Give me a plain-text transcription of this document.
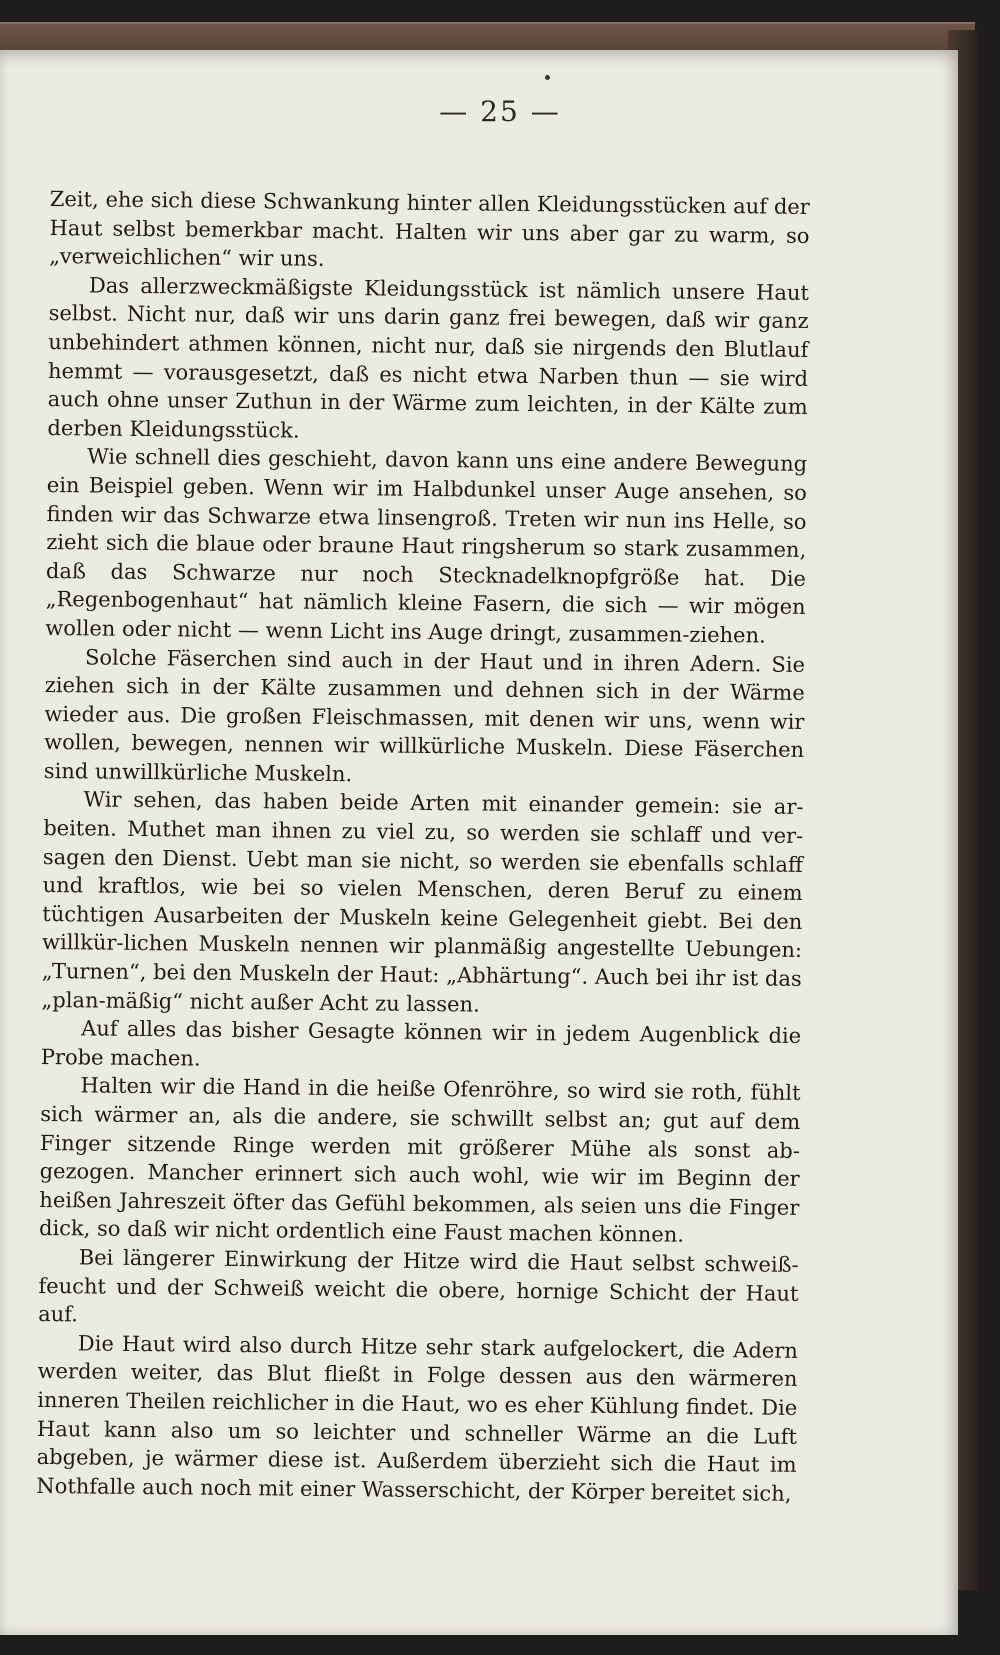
— 25 —

Zeit, ehe sich diese Schwankung hinter allen Kleidungsstücken auf der Haut selbst bemerkbar macht. Halten wir uns aber gar zu warm, so „verweichlichen“ wir uns.

Das allerzweckmäßigste Kleidungsstück ist nämlich unsere Haut selbst. Nicht nur, daß wir uns darin ganz frei bewegen, daß wir ganz unbehindert athmen können, nicht nur, daß sie nirgends den Blutlauf hemmt — vorausgesetzt, daß es nicht etwa Narben thun — sie wird auch ohne unser Zuthun in der Wärme zum leichten, in der Kälte zum derben Kleidungsstück.

Wie schnell dies geschieht, davon kann uns eine andere Bewegung ein Beispiel geben. Wenn wir im Halbdunkel unser Auge ansehen, so finden wir das Schwarze etwa linsengroß. Treten wir nun ins Helle, so zieht sich die blaue oder braune Haut ringsherum so stark zusammen, daß das Schwarze nur noch Stecknadelknopfgröße hat. Die „Regenbogenhaut“ hat nämlich kleine Fasern, die sich — wir mögen wollen oder nicht — wenn Licht ins Auge dringt, zusammen-ziehen.

Solche Fäserchen sind auch in der Haut und in ihren Adern. Sie ziehen sich in der Kälte zusammen und dehnen sich in der Wärme wieder aus. Die großen Fleischmassen, mit denen wir uns, wenn wir wollen, bewegen, nennen wir willkürliche Muskeln. Diese Fäserchen sind unwillkürliche Muskeln.

Wir sehen, das haben beide Arten mit einander gemein: sie ar-beiten. Muthet man ihnen zu viel zu, so werden sie schlaff und ver-sagen den Dienst. Uebt man sie nicht, so werden sie ebenfalls schlaff und kraftlos, wie bei so vielen Menschen, deren Beruf zu einem tüchtigen Ausarbeiten der Muskeln keine Gelegenheit giebt. Bei den willkür-lichen Muskeln nennen wir planmäßig angestellte Uebungen: „Turnen“, bei den Muskeln der Haut: „Abhärtung“. Auch bei ihr ist das „plan-mäßig“ nicht außer Acht zu lassen.

Auf alles das bisher Gesagte können wir in jedem Augenblick die Probe machen.

Halten wir die Hand in die heiße Ofenröhre, so wird sie roth, fühlt sich wärmer an, als die andere, sie schwillt selbst an; gut auf dem Finger sitzende Ringe werden mit größerer Mühe als sonst ab-gezogen. Mancher erinnert sich auch wohl, wie wir im Beginn der heißen Jahreszeit öfter das Gefühl bekommen, als seien uns die Finger dick, so daß wir nicht ordentlich eine Faust machen können.

Bei längerer Einwirkung der Hitze wird die Haut selbst schweiß-feucht und der Schweiß weicht die obere, hornige Schicht der Haut auf.

Die Haut wird also durch Hitze sehr stark aufgelockert, die Adern werden weiter, das Blut fließt in Folge dessen aus den wärmeren inneren Theilen reichlicher in die Haut, wo es eher Kühlung findet. Die Haut kann also um so leichter und schneller Wärme an die Luft abgeben, je wärmer diese ist. Außerdem überzieht sich die Haut im Nothfalle auch noch mit einer Wasserschicht, der Körper bereitet sich,
